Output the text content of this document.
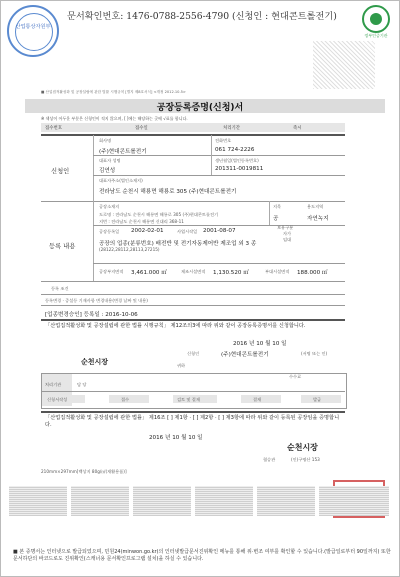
산업통상자원부
문서확인번호: 1476-0788-2556-4790 (신청인 : 현대콘트롤전기)
정부인증기관
■ 산업집적활성화 및 공장설립에 관한 법률 시행규칙 [별지 제8호서식] <개정 2012.10.5>
공장등록증명(신청)서
※ 색상이 어두운 부분은 신청인이 적지 않으며, [ ]에는 해당하는 곳에 √표를 합니다.
접수번호	접수일	처리기간	즉시
신청인
회사명
(주)현대콘트롤전기
전화번호
061 724-2226
대표자 성명
김연성
생년월일(법인등록번호)
201311-0019811
대표자주소(법인소재지)
전라남도 순천시 해룡면 해룡로 305 (주)현대콘트롤전기
등록 내용
공장소재지
도로명 : 전라남도 순천시 해룡면 해룡로 305 (주)현대콘트롤전기
지번 : 전라남도 순천시 해룡면 신대리 368-11
지목
공
용도지역
자연녹지
공장등록일 2002-02-01	사업시작일 2001-08-07
보유구분
자가
임대
공장의 업종(분류번호) 배전반 및 전기자동제어반 제조업 외 3 종
(28122,28112,28113,27215)
공장부지면적 3,461.000 ㎡	제조시설면적 1,130.520 ㎡	부대시설면적 188.000 ㎡
등록 조건
등록변경 · 증설등 기재사항 변경내용(변경 날짜 및 내용)
[업종변경승인] 등록일 : 2016-10-06
「산업집적활성화 및 공장설립에 관한 법률 시행규칙」 제12조의3에 따라 위와 같이 공장등록증명서를 신청합니다.
2016 년 10 월 10 일
신청인	(주)현대콘트롤전기	(서명 또는 인)
순천시장	귀하
처리기관	담 당
수수료
신청서작성	접수	검토 및 결재	결재	발급
「산업집적활성화 및 공장설립에 관한 법률」 제16조 [ ] 제1항 · [ ] 제2항 · [ ] 제3항에 따라 위와 같이 등록된 공장임을 증명합니다.
2016 년 10 월 10 일
순천시장
협승관	(인)구명산 153
210mm×297mm[백상지 80g/㎡(재활용품)]
■ 본 증명서는 인터넷으로 발급되었으며, 민원24(minwon.go.kr)의 인터넷발급문서진위확인 메뉴를 통해 위·변조 여부를 확인할 수 있습니다.(발급일로부터 90일까지) 또한 문서하단의 바코드로도 진위확인(스캐너용 문서확인프로그램 설치)을 하실 수 있습니다.
